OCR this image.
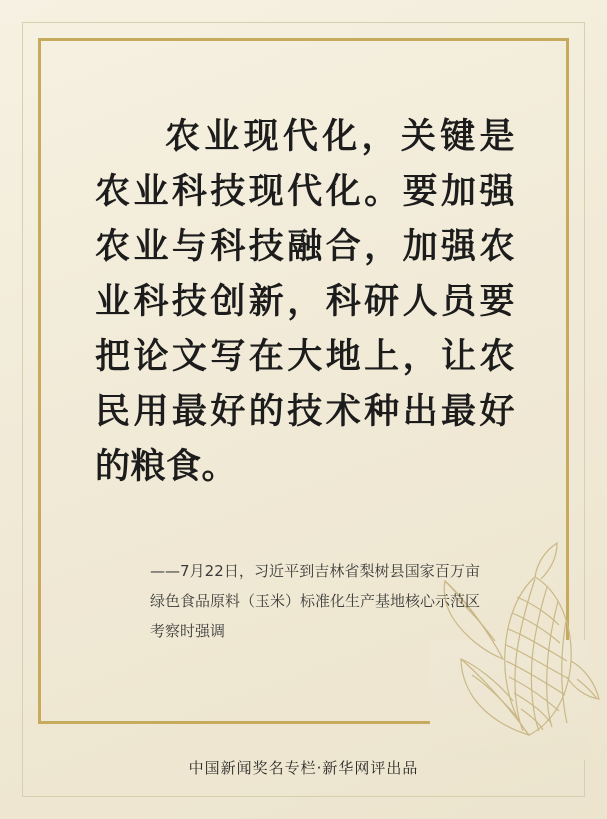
农业现代化，关键是农业科技现代化。要加强农业与科技融合，加强农业科技创新，科研人员要把论文写在大地上，让农民用最好的技术种出最好的粮食。
——7月22日，习近平到吉林省梨树县国家百万亩绿色食品原料（玉米）标准化生产基地核心示范区考察时强调
中国新闻奖名专栏·新华网评出品
